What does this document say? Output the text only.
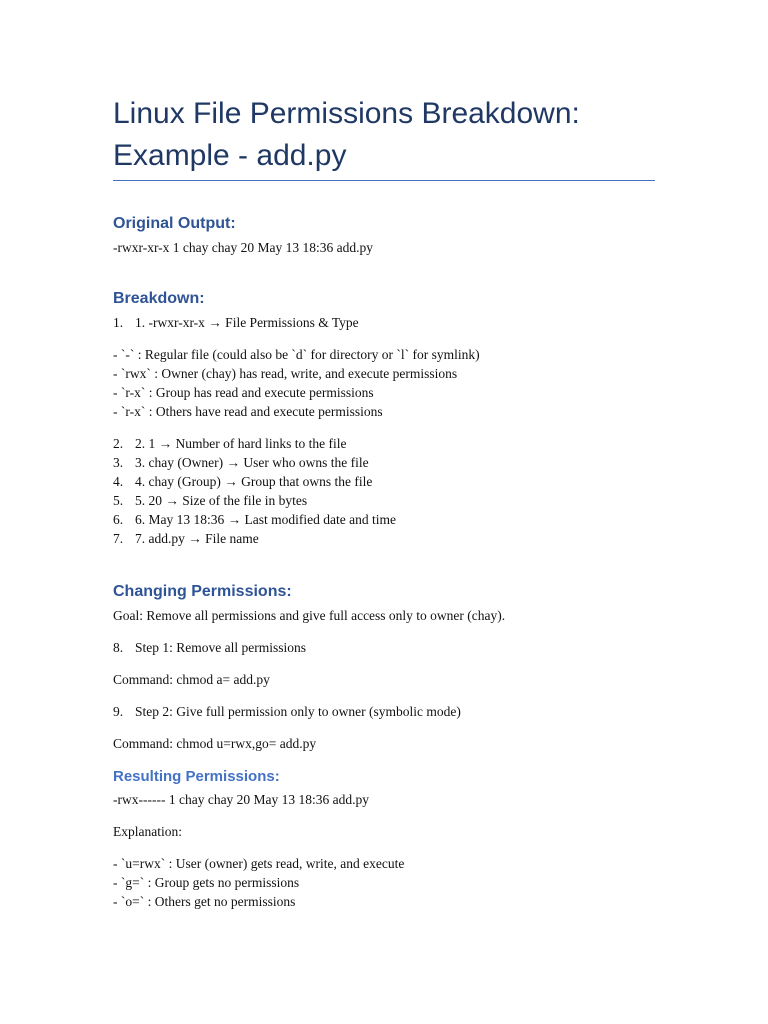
Linux File Permissions Breakdown: Example - add.py
Original Output:
-rwxr-xr-x 1 chay chay 20 May 13 18:36 add.py
Breakdown:
1. 1. -rwxr-xr-x → File Permissions & Type
- `-` : Regular file (could also be `d` for directory or `l` for symlink)
- `rwx` : Owner (chay) has read, write, and execute permissions
- `r-x` : Group has read and execute permissions
- `r-x` : Others have read and execute permissions
2. 2. 1 → Number of hard links to the file
3. 3. chay (Owner) → User who owns the file
4. 4. chay (Group) → Group that owns the file
5. 5. 20 → Size of the file in bytes
6. 6. May 13 18:36 → Last modified date and time
7. 7. add.py → File name
Changing Permissions:
Goal: Remove all permissions and give full access only to owner (chay).
8. Step 1: Remove all permissions
Command: chmod a= add.py
9. Step 2: Give full permission only to owner (symbolic mode)
Command: chmod u=rwx,go= add.py
Resulting Permissions:
-rwx------ 1 chay chay 20 May 13 18:36 add.py
Explanation:
- `u=rwx` : User (owner) gets read, write, and execute
- `g=` : Group gets no permissions
- `o=` : Others get no permissions
